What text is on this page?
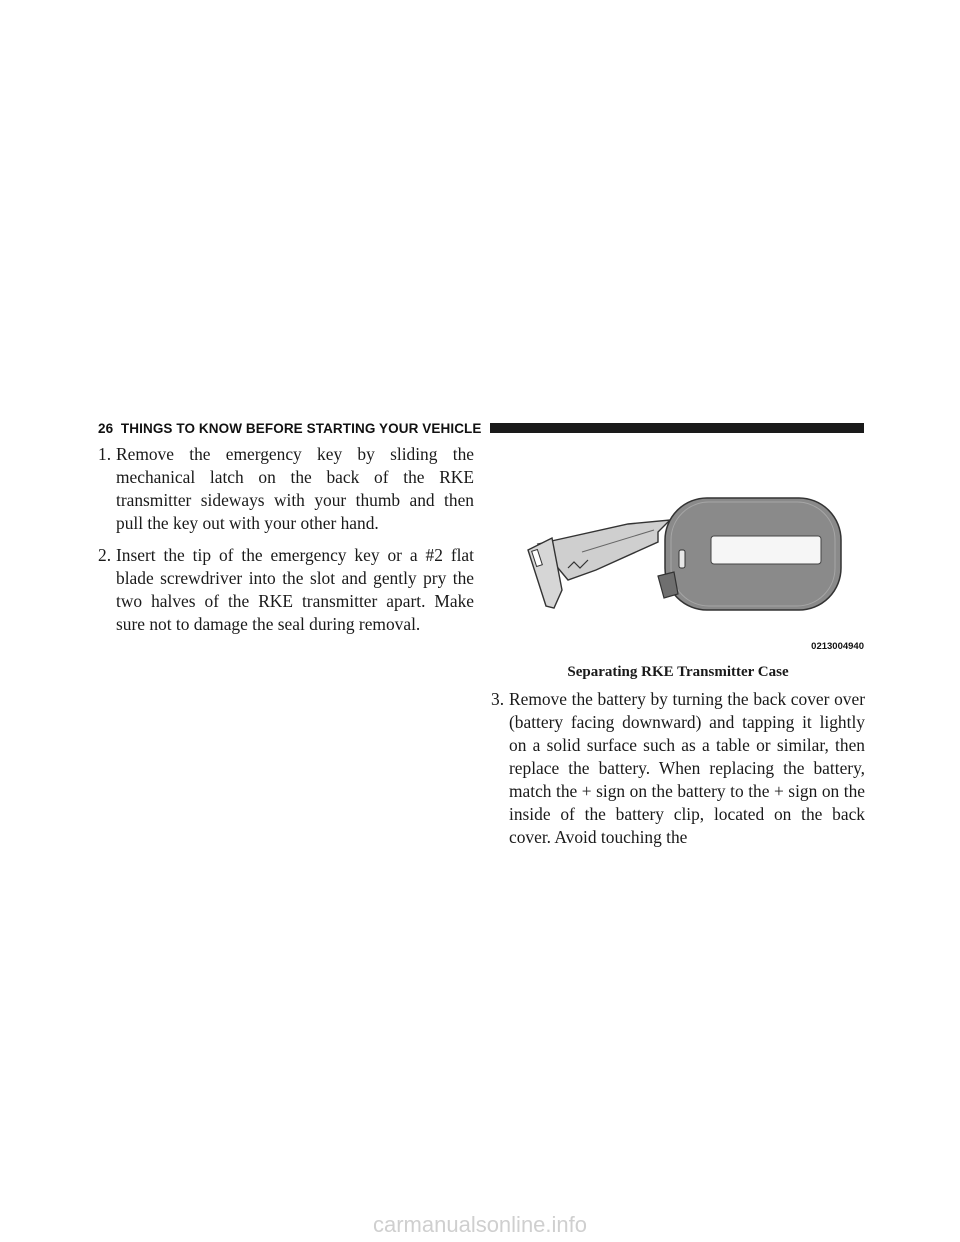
26 THINGS TO KNOW BEFORE STARTING YOUR VEHICLE
1. Remove the emergency key by sliding the mechanical latch on the back of the RKE transmitter sideways with your thumb and then pull the key out with your other hand.
2. Insert the tip of the emergency key or a #2 flat blade screwdriver into the slot and gently pry the two halves of the RKE transmitter apart. Make sure not to damage the seal during removal.
0213004940
Separating RKE Transmitter Case
3. Remove the battery by turning the back cover over (battery facing downward) and tapping it lightly on a solid surface such as a table or similar, then replace the battery. When replacing the battery, match the + sign on the battery to the + sign on the inside of the battery clip, located on the back cover. Avoid touching the
carmanualsonline.info
